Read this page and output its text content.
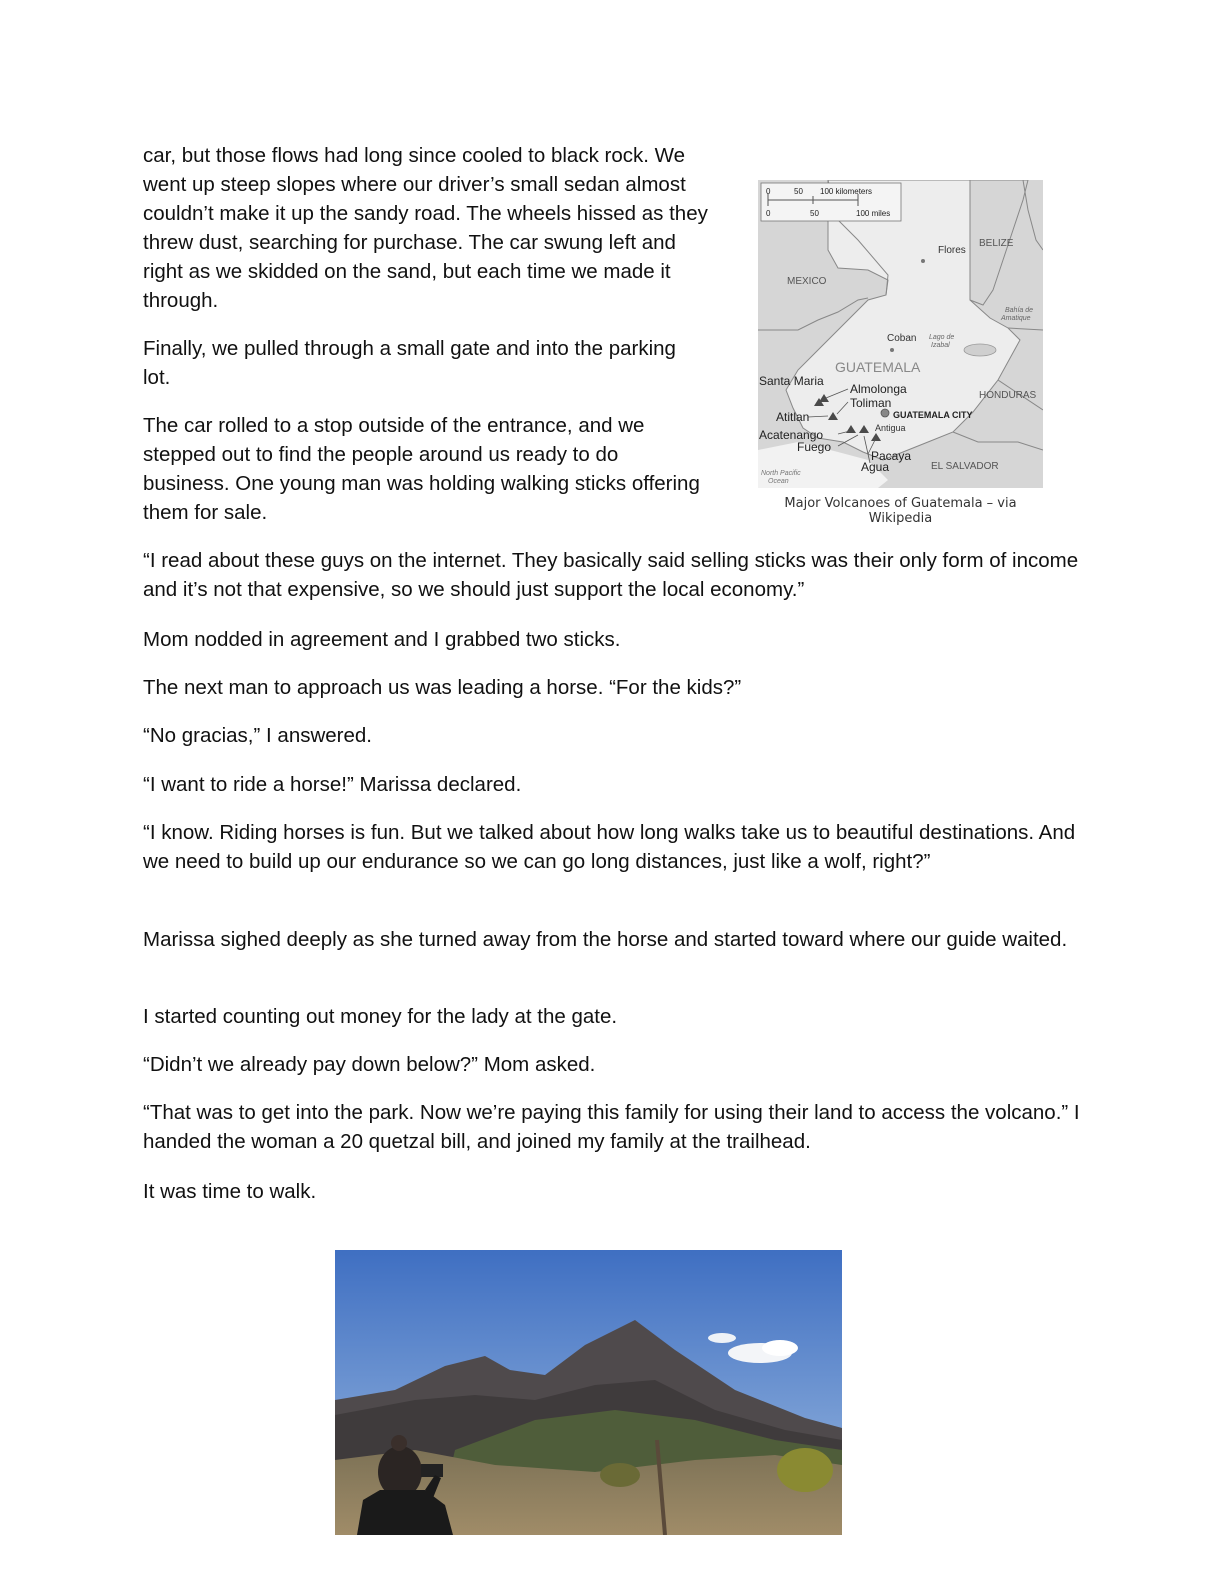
car, but those flows had long since cooled to black rock. We went up steep slopes where our driver’s small sedan almost couldn’t make it up the sandy road. The wheels hissed as they threw dust, searching for purchase. The car swung left and right as we skidded on the sand, but each time we made it through.

Finally, we pulled through a small gate and into the parking lot.

The car rolled to a stop outside of the entrance, and we stepped out to find the people around us ready to do business. One young man was holding walking sticks offering them for sale.

0	50 100 kilometers
0	50	100 miles
Flores
BELIZE
MEXICO
Bahía de
Amatique
Coban Lago de
Izabal
GUATEMALA
Santa Maria
Almolonga
Toliman
HONDURAS
Atitlan	GUATEMALA CITY
Acatenango	Antigua
Fuego
Pacaya
North Pacific
Ocean
Agua	EL SALVADOR
Major Volcanoes of Guatemala – via Wikipedia

“I read about these guys on the internet. They basically said selling sticks was their only form of income and it’s not that expensive, so we should just support the local economy.”

Mom nodded in agreement and I grabbed two sticks.

The next man to approach us was leading a horse. “For the kids?”

“No gracias,” I answered.

“I want to ride a horse!” Marissa declared.

“I know. Riding horses is fun. But we talked about how long walks take us to beautiful destinations. And we need to build up our endurance so we can go long distances, just like a wolf, right?”

Marissa sighed deeply as she turned away from the horse and started toward where our guide waited.

I started counting out money for the lady at the gate.

“Didn’t we already pay down below?” Mom asked.

“That was to get into the park. Now we’re paying this family for using their land to access the volcano.” I handed the woman a 20 quetzal bill, and joined my family at the trailhead.

It was time to walk.
